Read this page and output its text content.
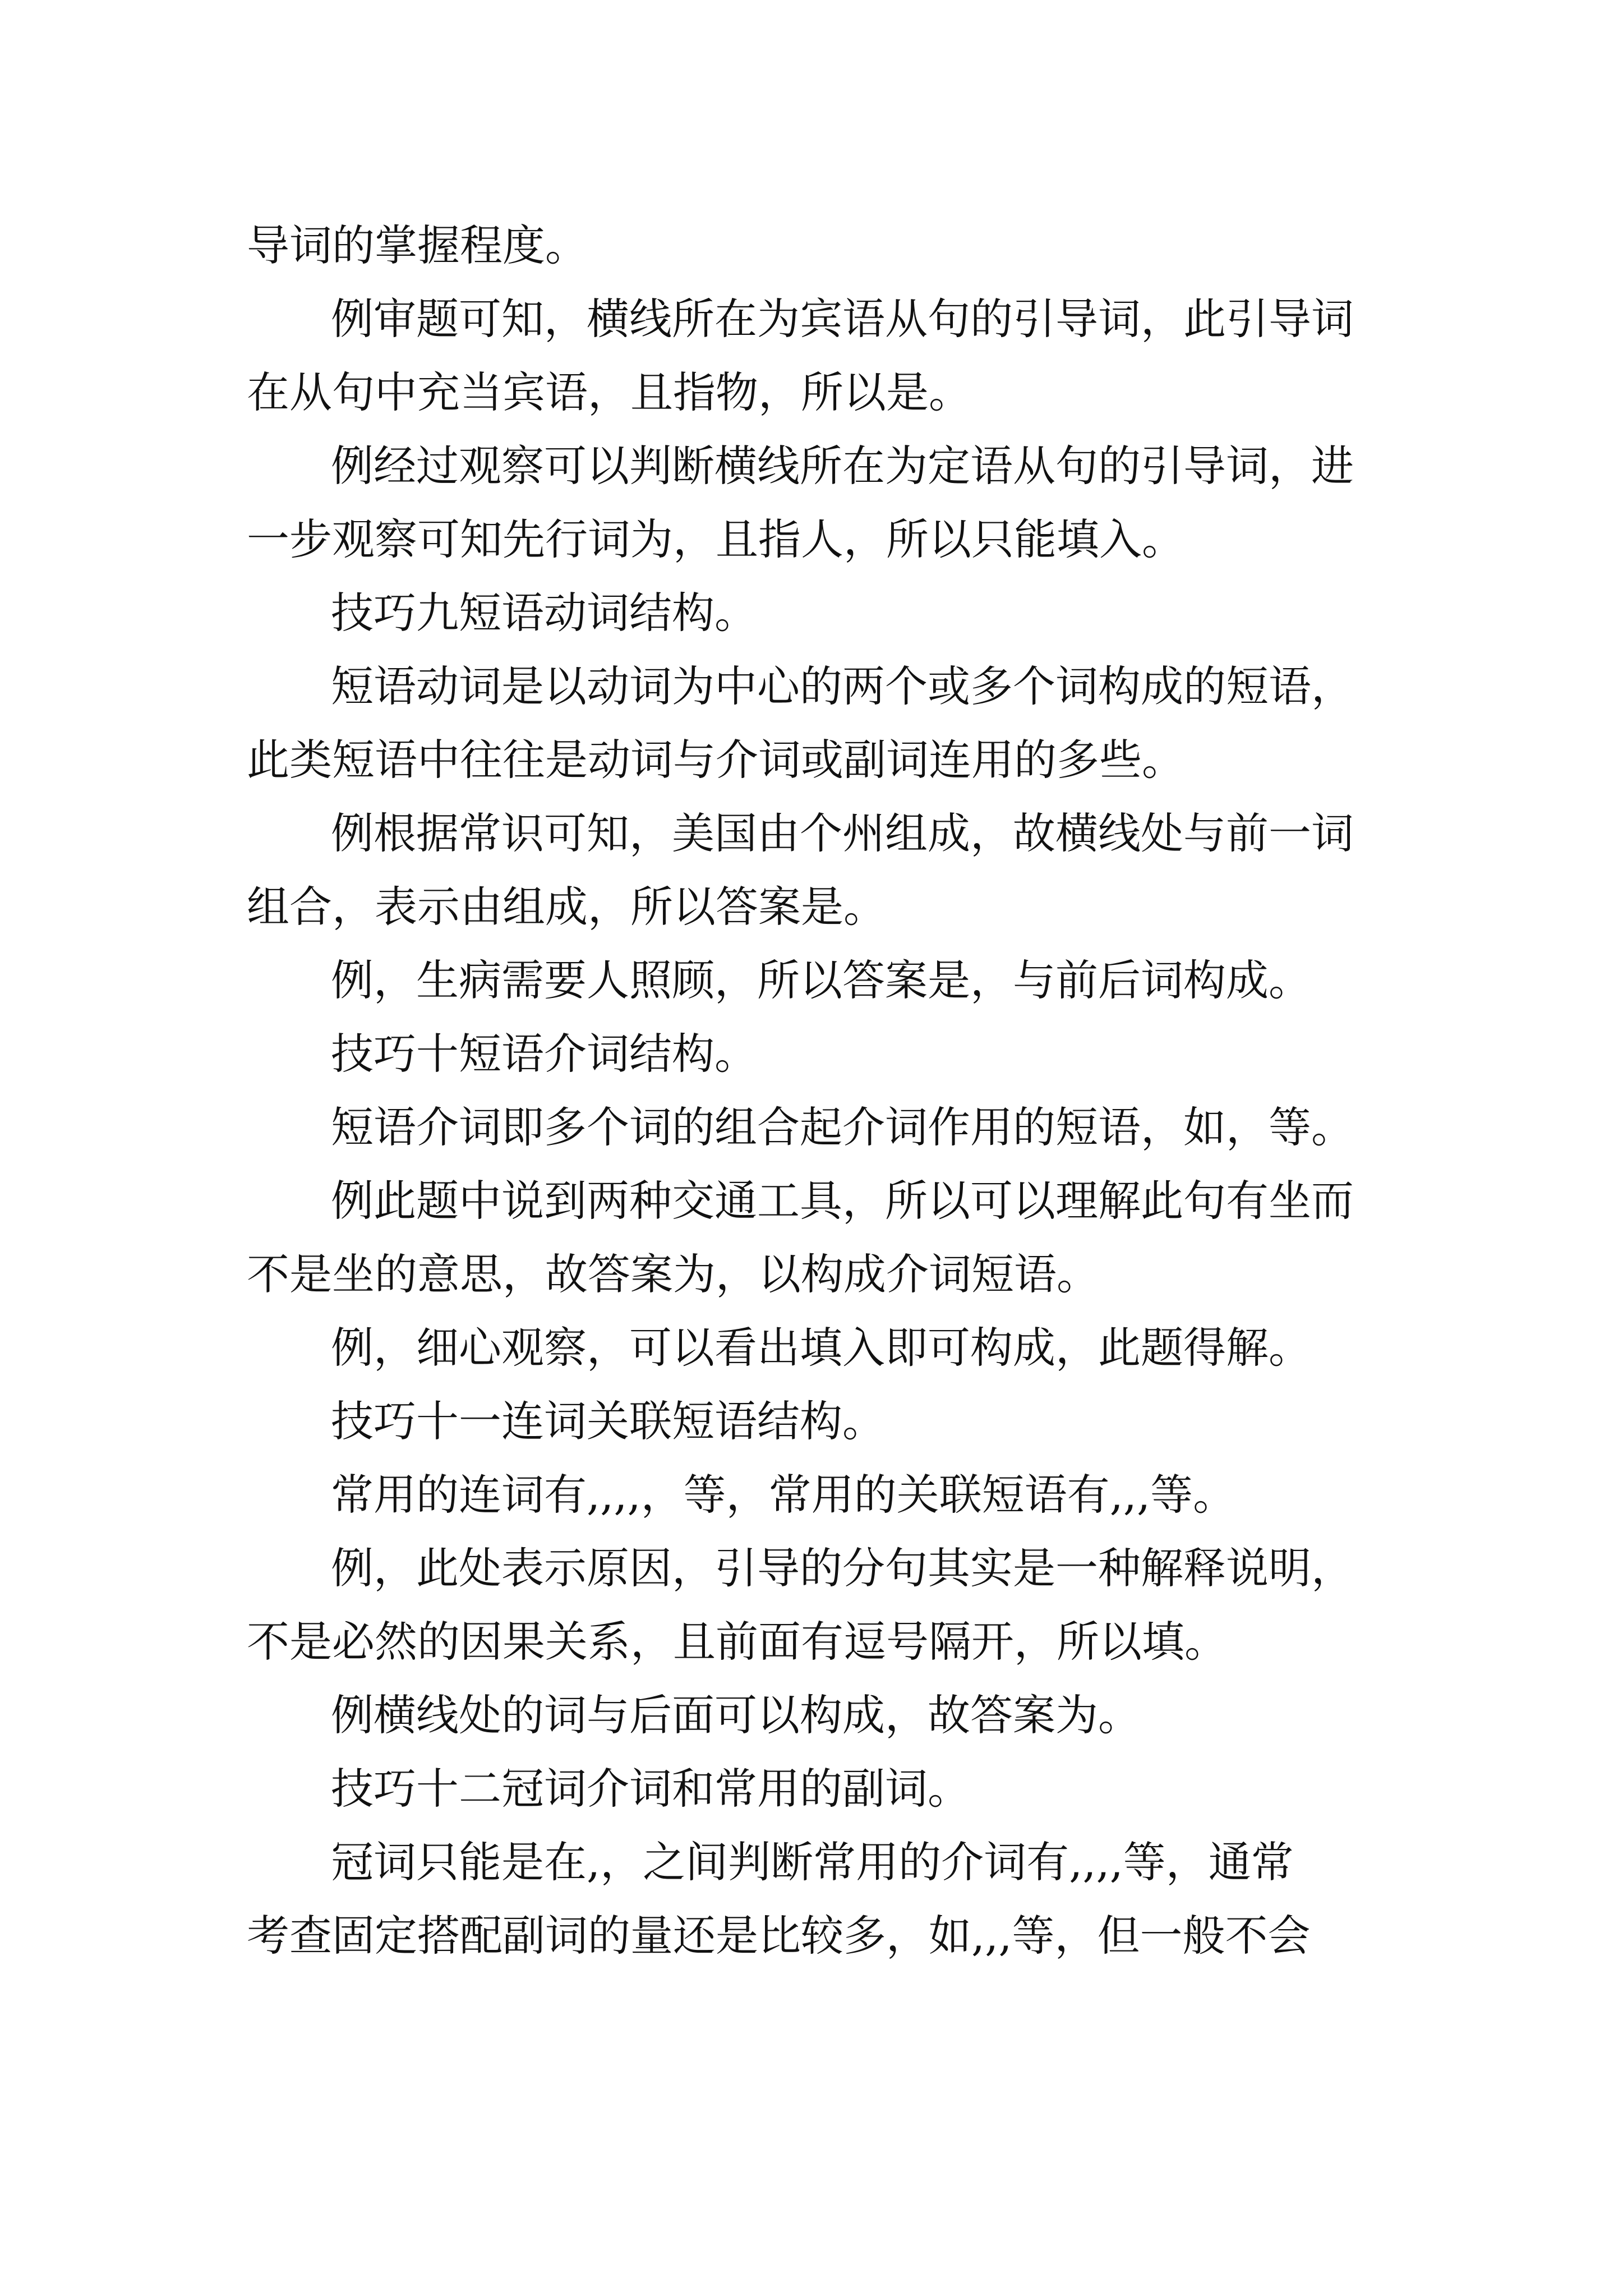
导词的掌握程度。
例审题可知，横线所在为宾语从句的引导词，此引导词
在从句中充当宾语，且指物，所以是。
例经过观察可以判断横线所在为定语从句的引导词，进
一步观察可知先行词为，且指人，所以只能填入。
技巧九短语动词结构。
短语动词是以动词为中心的两个或多个词构成的短语，
此类短语中往往是动词与介词或副词连用的多些。
例根据常识可知，美国由个州组成，故横线处与前一词
组合，表示由组成，所以答案是。
例，生病需要人照顾，所以答案是，与前后词构成。
技巧十短语介词结构。
短语介词即多个词的组合起介词作用的短语，如，等。
例此题中说到两种交通工具，所以可以理解此句有坐而
不是坐的意思，故答案为，以构成介词短语。
例，细心观察，可以看出填入即可构成，此题得解。
技巧十一连词关联短语结构。
常用的连词有,,,,，等，常用的关联短语有,,,等。
例，此处表示原因，引导的分句其实是一种解释说明，
不是必然的因果关系，且前面有逗号隔开，所以填。
例横线处的词与后面可以构成，故答案为。
技巧十二冠词介词和常用的副词。
冠词只能是在,，之间判断常用的介词有,,,,等，通常
考查固定搭配副词的量还是比较多，如,,,等，但一般不会
